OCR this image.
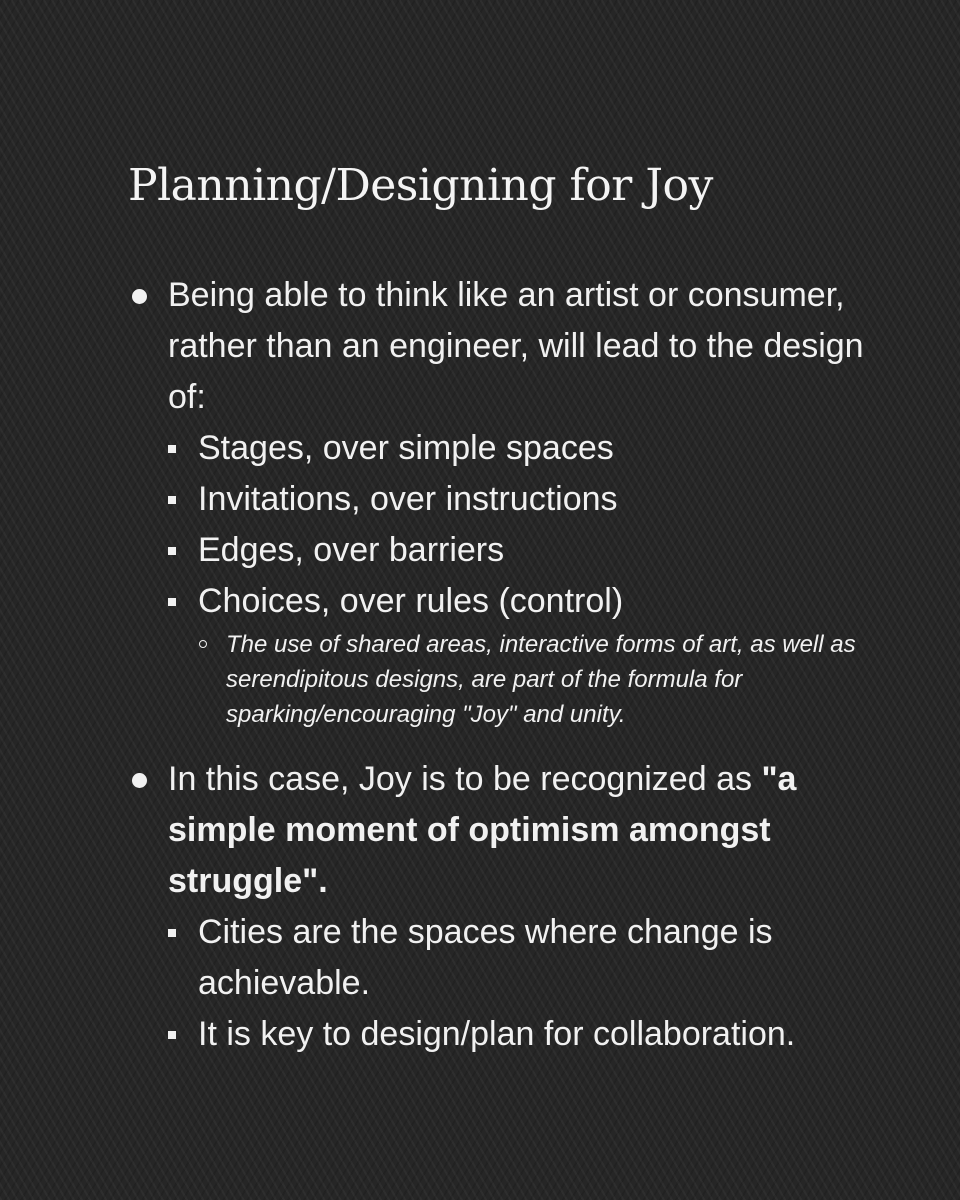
Planning/Designing for Joy

Being able to think like an artist or consumer, rather than an engineer, will lead to the design of:

Stages, over simple spaces

Invitations, over instructions

Edges, over barriers

Choices, over rules (control)

The use of shared areas, interactive forms of art, as well as serendipitous designs, are part of the formula for sparking/encouraging "Joy" and unity.

In this case, Joy is to be recognized as "a simple moment of optimism amongst struggle".

Cities are the spaces where change is achievable.

It is key to design/plan for collaboration.
